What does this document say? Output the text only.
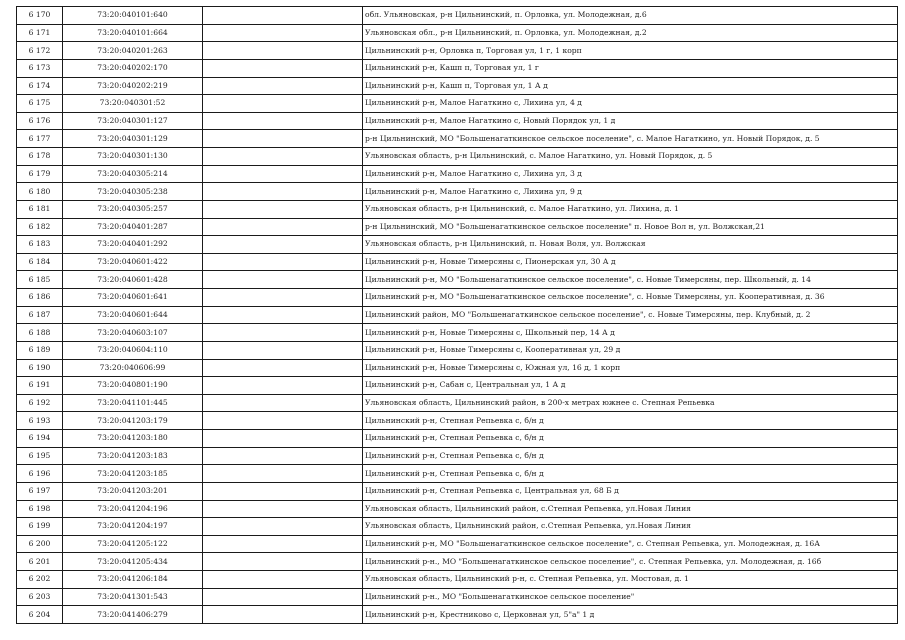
6 170	73:20:040101:640		обл. Ульяновская, р-н Цильнинский, п. Орловка, ул. Молодежная, д.6
6 171	73:20:040101:664		Ульяновская обл., р-н Цильнинский, п. Орловка, ул. Молодежная, д.2
6 172	73:20:040201:263		Цильнинский р-н, Орловка п, Торговая ул, 1 г, 1 корп
6 173	73:20:040202:170		Цильнинский р-н, Кашп п, Торговая ул, 1 г
6 174	73:20:040202:219		Цильнинский р-н, Кашп п, Торговая ул, 1 А д
6 175	73:20:040301:52		Цильнинский р-н, Малое Нагаткино с, Лихина ул, 4 д
6 176	73:20:040301:127		Цильнинский р-н, Малое Нагаткино с, Новый Порядок ул, 1 д
6 177	73:20:040301:129		р-н Цильнинский, МО "Большенагаткинское сельское поселение", с. Малое Нагаткино, ул. Новый Порядок, д. 5
6 178	73:20:040301:130		Ульяновская область, р-н Цильнинский, с. Малое Нагаткино, ул. Новый Порядок, д. 5
6 179	73:20:040305:214		Цильнинский р-н, Малое Нагаткино с, Лихина ул, 3 д
6 180	73:20:040305:238		Цильнинский р-н, Малое Нагаткино с, Лихина ул, 9 д
6 181	73:20:040305:257		Ульяновская область, р-н Цильнинский, с. Малое Нагаткино, ул. Лихина, д. 1
6 182	73:20:040401:287		р-н Цильнинский, МО "Большенагаткинское сельское поселение" п. Новое Вол н, ул. Волжская,21
6 183	73:20:040401:292		Ульяновская область, р-н Цильнинский, п. Новая Воля, ул. Волжская
6 184	73:20:040601:422		Цильнинский р-н, Новые Тимерсяны с, Пионерская ул, 30 А д
6 185	73:20:040601:428		Цильнинский р-н, МО "Большенагаткинское сельское поселение", с. Новые Тимерсяны, пер. Школьный, д. 14
6 186	73:20:040601:641		Цильнинский р-н, МО "Большенагаткинское сельское поселение", с. Новые Тимерсяны, ул. Кооперативная, д. 36
6 187	73:20:040601:644		Цильнинский район, МО "Большенагаткинское сельское поселение", с. Новые Тимерсяны, пер. Клубный, д. 2
6 188	73:20:040603:107		Цильнинский р-н, Новые Тимерсяны с, Школьный пер, 14 А д
6 189	73:20:040604:110		Цильнинский р-н, Новые Тимерсяны с, Кооперативная ул, 29 д
6 190	73:20:040606:99		Цильнинский р-н, Новые Тимерсяны с, Южная ул, 16 д, 1 корп
6 191	73:20:040801:190		Цильнинский р-н, Сабан с, Центральная ул, 1 А д
6 192	73:20:041101:445		Ульяновская область, Цильнинский район, в 200-х метрах южнее с. Степная Репьевка
6 193	73:20:041203:179		Цильнинский р-н, Степная Репьевка с, б/н д
6 194	73:20:041203:180		Цильнинский р-н, Степная Репьевка с, б/н д
6 195	73:20:041203:183		Цильнинский р-н, Степная Репьевка с, б/н д
6 196	73:20:041203:185		Цильнинский р-н, Степная Репьевка с, б/н д
6 197	73:20:041203:201		Цильнинский р-н, Степная Репьевка с, Центральная ул, 68 Б д
6 198	73:20:041204:196		Ульяновская область, Цильнинский район, с.Степная Репьевка, ул.Новая Линия
6 199	73:20:041204:197		Ульяновская область, Цильнинский район, с.Степная Репьевка, ул.Новая Линия
6 200	73:20:041205:122		Цильнинский р-н, МО "Большенагаткинское сельское поселение", с. Степная Репьевка, ул. Молодежная, д. 16А
6 201	73:20:041205:434		Цильнинский р-н., МО "Большенагаткинское сельское поселение", с. Степная Репьевка, ул. Молодежная, д. 16б
6 202	73:20:041206:184		Ульяновская область, Цильнинский р-н, с. Степная Репьевка, ул. Мостовая, д. 1
6 203	73:20:041301:543		Цильнинский р-н., МО "Большенагаткинское сельское поселение"
6 204	73:20:041406:279		Цильнинский р-н, Крестниково с, Церковная ул, 5"а" 1 д
